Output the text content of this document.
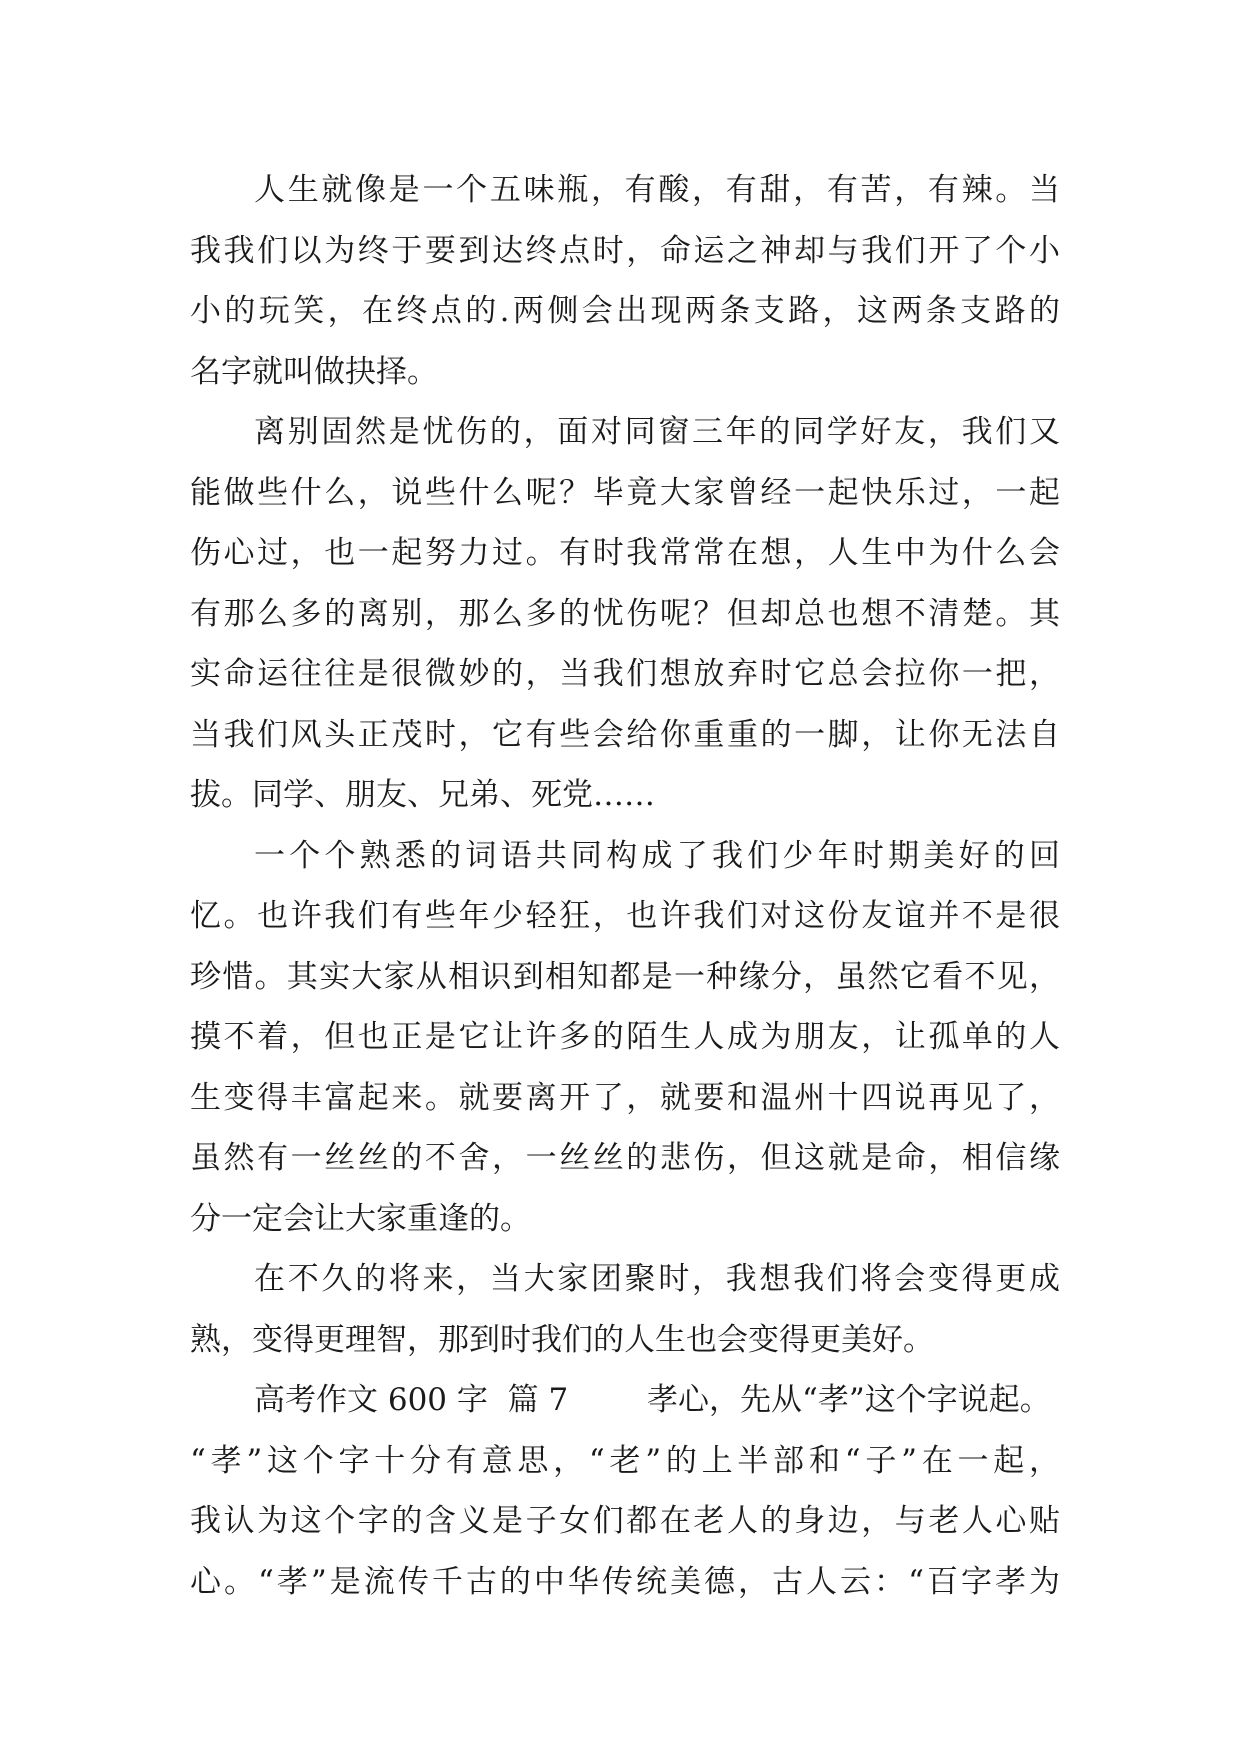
人生就像是一个五味瓶，有酸，有甜，有苦，有辣。当
我我们以为终于要到达终点时，命运之神却与我们开了个小
小的玩笑，在终点的.两侧会出现两条支路，这两条支路的
名字就叫做抉择。
离别固然是忧伤的，面对同窗三年的同学好友，我们又
能做些什么，说些什么呢？毕竟大家曾经一起快乐过，一起
伤心过，也一起努力过。有时我常常在想，人生中为什么会
有那么多的离别，那么多的忧伤呢？但却总也想不清楚。其
实命运往往是很微妙的，当我们想放弃时它总会拉你一把，
当我们风头正茂时，它有些会给你重重的一脚，让你无法自
拔。同学、朋友、兄弟、死党……
一个个熟悉的词语共同构成了我们少年时期美好的回
忆。也许我们有些年少轻狂，也许我们对这份友谊并不是很
珍惜。其实大家从相识到相知都是一种缘分，虽然它看不见，
摸不着，但也正是它让许多的陌生人成为朋友，让孤单的人
生变得丰富起来。就要离开了，就要和温州十四说再见了，
虽然有一丝丝的不舍，一丝丝的悲伤，但这就是命，相信缘
分一定会让大家重逢的。
在不久的将来，当大家团聚时，我想我们将会变得更成
熟，变得更理智，那到时我们的人生也会变得更美好。
高考作文 600 字  篇 7        孝心，先从“孝”这个字说起。
“孝”这个字十分有意思，“老”的上半部和“子”在一起，
我认为这个字的含义是子女们都在老人的身边，与老人心贴
心。“孝”是流传千古的中华传统美德，古人云：“百字孝为
